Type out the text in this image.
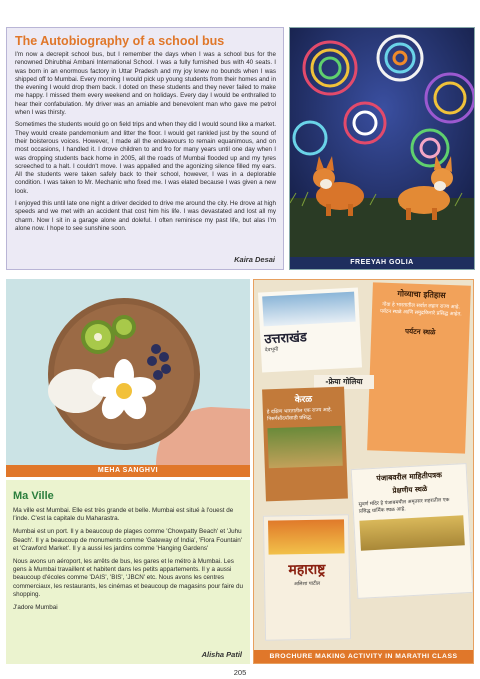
The Autobiography of a school bus

I'm now a decrepit school bus, but I remember the days when I was a school bus for the renowned Dhirubhai Ambani International School. I was a fully furnished bus with 40 seats. I was born in an enormous factory in Uttar Pradesh and my joy knew no bounds when I was shipped off to Mumbai. Every morning I would pick up young students from their homes and in the evening I would drop them back. I doted on these students and they never failed to make me happy. I missed them every weekend and on holidays. Every day I would be enthralled to hear their confabulation. My driver was an amiable and benevolent man who gave me petrol when I was thirsty.

Sometimes the students would go on field trips and when they did I would sound like a market. They would create pandemonium and litter the floor. I would get rankled just by the sound of their boisterous voices. However, I made all the endeavours to remain equanimous, and on most occasions, I handled it. I drove children to and fro for many years until one day when I was dropping students back home in 2005, all the roads of Mumbai flooded up and my tyres screeched to a halt. I couldn't move. I was appalled and the agonizing silence filled my ears. All the students were taken safely back to their school, however, I was in a deplorable condition. I was taken to Mr. Mechanic who fixed me. I was elated because I was given a new look.

I enjoyed this until late one night a driver decided to drive me around the city. He drove at high speeds and we met with an accident that cost him his life. I was devastated and lost all my charm. Now I sit in a garage alone and doleful. I often reminisce my past life, but alas I'm alone now. I hope to see sunshine soon.

Kaira Desai	FREEYAH GOLIA
MEHA SANGHVI
Ma Ville

Ma ville est Mumbai. Elle est très grande et belle. Mumbai est situé à l'ouest de l'inde. C'est la capitale du Maharastra.

Mumbai est un port. Il y a beaucoup de plages comme 'Chowpatty Beach' et 'Juhu Beach'. Il y a beaucoup de monuments comme 'Gateway of India', 'Flora Fountain' et 'Crawford Market'. Il y a aussi les jardins comme 'Hanging Gardens'

Nous avons un aéroport, les arrêts de bus, les gares et le métro à Mumbai. Les gens à Mumbai travaillent et habitent dans les petits appartements. Il y a aussi beaucoup d'écoles comme 'DAIS', 'BIS', 'JBCN' etc. Nous avons les centres commerciaux, les restaurants, les cinémas et beaucoup de magasins pour faire du shopping.

J'adore Mumbai

Alisha Patil
उत्तराखंड
देवभूमी
गोव्याचा इतिहास
गोवा हे भारतातील सर्वात लहान राज्य आहे. पर्यटन स्थळे आणि समुद्रकिनारे प्रसिद्ध आहेत.
पर्यटन स्थळे
-फ्रेया गोलिया
केरळ
हे दक्षिण भारतातील एक राज्य आहे. निसर्गसौंदर्यासाठी प्रसिद्ध.
पंजाबवरील माहितीपत्रक
प्रेक्षणीय स्थळे
सुवर्ण मंदिर हे पंजाबमधील अमृतसर शहरातील एक प्रसिद्ध धार्मिक स्थळ आहे.
महाराष्ट्र
अलिशा पाटील
BROCHURE MAKING ACTIVITY IN MARATHI CLASS
205
